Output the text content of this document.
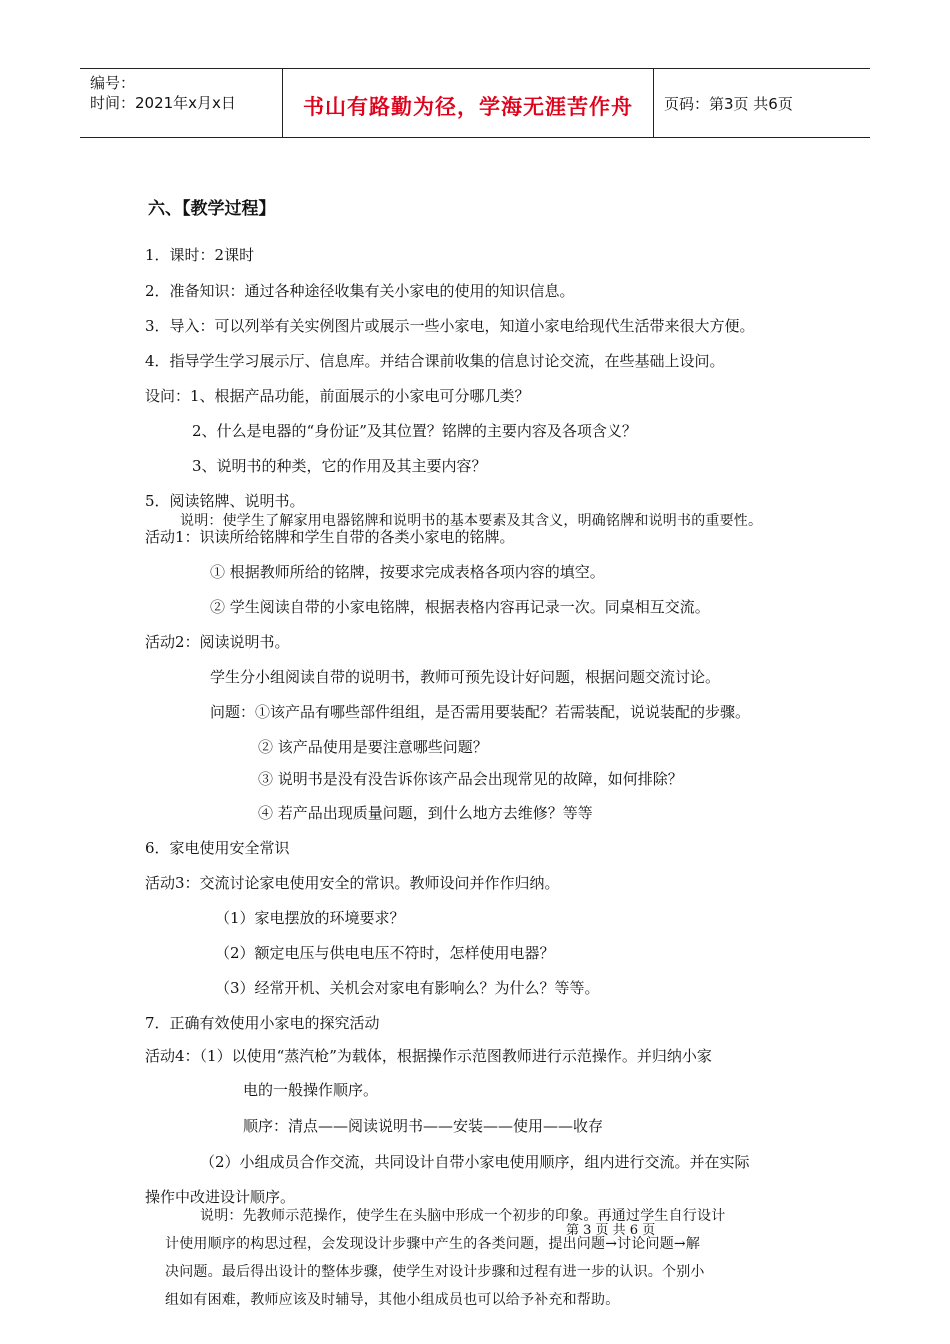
编号：
时间：2021年x月x日	书山有路勤为径，学海无涯苦作舟	页码：第3页 共6页
六、【教学过程】
1．课时：2课时
2．准备知识：通过各种途径收集有关小家电的使用的知识信息。
3．导入：可以列举有关实例图片或展示一些小家电，知道小家电给现代生活带来很大方便。
4．指导学生学习展示厅、信息库。并结合课前收集的信息讨论交流，在些基础上设问。
设问：1、根据产品功能，前面展示的小家电可分哪几类？
2、什么是电器的“身份证”及其位置？铭牌的主要内容及各项含义？
3、说明书的种类，它的作用及其主要内容？
5．阅读铭牌、说明书。
说明：使学生了解家用电器铭牌和说明书的基本要素及其含义，明确铭牌和说明书的重要性。
活动1：识读所给铭牌和学生自带的各类小家电的铭牌。
① 根据教师所给的铭牌，按要求完成表格各项内容的填空。
② 学生阅读自带的小家电铭牌，根据表格内容再记录一次。同桌相互交流。
活动2：阅读说明书。
学生分小组阅读自带的说明书，教师可预先设计好问题，根据问题交流讨论。
问题：①该产品有哪些部件组组，是否需用要装配？若需装配，说说装配的步骤。
② 该产品使用是要注意哪些问题？
③ 说明书是没有没告诉你该产品会出现常见的故障，如何排除？
④ 若产品出现质量问题，到什么地方去维修？等等
6．家电使用安全常识
活动3：交流讨论家电使用安全的常识。教师设问并作作归纳。
（1）家电摆放的环境要求？
（2）额定电压与供电电压不符时，怎样使用电器？
（3）经常开机、关机会对家电有影响么？为什么？等等。
7．正确有效使用小家电的探究活动
活动4：（1）以使用“蒸汽枪”为载体，根据操作示范图教师进行示范操作。并归纳小家
电的一般操作顺序。
顺序：清点——阅读说明书——安装——使用——收存
（2）小组成员合作交流，共同设计自带小家电使用顺序，组内进行交流。并在实际
操作中改进设计顺序。
说明：先教师示范操作，使学生在头脑中形成一个初步的印象。再通过学生自行设计
计使用顺序的构思过程，会发现设计步骤中产生的各类问题，提出问题→讨论问题→解
决问题。最后得出设计的整体步骤，使学生对设计步骤和过程有进一步的认识。个别小
组如有困难，教师应该及时辅导，其他小组成员也可以给予补充和帮助。
第 3 页 共 6 页
